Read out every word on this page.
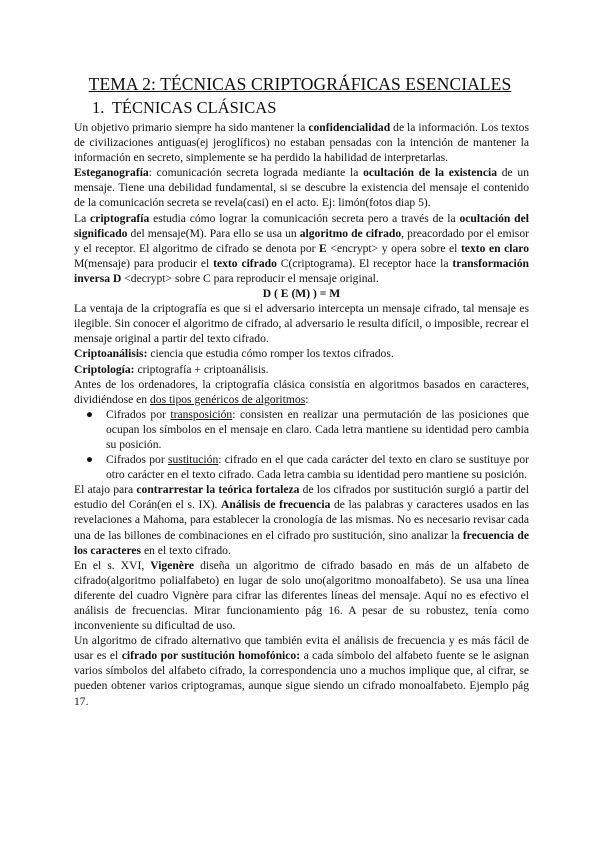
TEMA 2: TÉCNICAS CRIPTOGRÁFICAS ESENCIALES
1. TÉCNICAS CLÁSICAS

Un objetivo primario siempre ha sido mantener la confidencialidad de la información. Los textos de civilizaciones antiguas(ej jeroglíficos) no estaban pensadas con la intención de mantener la información en secreto, simplemente se ha perdido la habilidad de interpretarlas.

Esteganografía: comunicación secreta lograda mediante la ocultación de la existencia de un mensaje. Tiene una debilidad fundamental, si se descubre la existencia del mensaje el contenido de la comunicación secreta se revela(casi) en el acto. Ej: limón(fotos diap 5).

La criptografía estudia cómo lograr la comunicación secreta pero a través de la ocultación del significado del mensaje(M). Para ello se usa un algoritmo de cifrado, preacordado por el emisor y el receptor. El algoritmo de cifrado se denota por E <encrypt> y opera sobre el texto en claro M(mensaje) para producir el texto cifrado C(criptograma). El receptor hace la transformación inversa D <decrypt> sobre C para reproducir el mensaje original.

D ( E (M) ) = M

La ventaja de la criptografía es que si el adversario intercepta un mensaje cifrado, tal mensaje es ilegible. Sin conocer el algoritmo de cifrado, al adversario le resulta difícil, o imposible, recrear el mensaje original a partir del texto cifrado.

Criptoanálisis: ciencia que estudia cómo romper los textos cifrados.

Criptología: criptografía + criptoanálisis.

Antes de los ordenadores, la criptografía clásica consistía en algoritmos basados en caracteres, dividiéndose en dos tipos genéricos de algoritmos:

● Cifrados por transposición: consisten en realizar una permutación de las posiciones que ocupan los símbolos en el mensaje en claro. Cada letra mantiene su identidad pero cambia su posición.
● Cifrados por sustitución: cifrado en el que cada carácter del texto en claro se sustituye por otro carácter en el texto cifrado. Cada letra cambia su identidad pero mantiene su posición.

El atajo para contrarrestar la teórica fortaleza de los cifrados por sustitución surgió a partir del estudio del Corán(en el s. IX). Análisis de frecuencia de las palabras y caracteres usados en las revelaciones a Mahoma, para establecer la cronología de las mismas. No es necesario revisar cada una de las billones de combinaciones en el cifrado pro sustitución, sino analizar la frecuencia de los caracteres en el texto cifrado.

En el s. XVI, Vigenère diseña un algoritmo de cifrado basado en más de un alfabeto de cifrado(algoritmo polialfabeto) en lugar de solo uno(algoritmo monoalfabeto). Se usa una línea diferente del cuadro Vignère para cifrar las diferentes líneas del mensaje. Aquí no es efectivo el análisis de frecuencias. Mirar funcionamiento pág 16. A pesar de su robustez, tenía como inconveniente su dificultad de uso.

Un algoritmo de cifrado alternativo que también evita el análisis de frecuencia y es más fácil de usar es el cifrado por sustitución homofónico: a cada símbolo del alfabeto fuente se le asignan varios símbolos del alfabeto cifrado, la correspondencia uno a muchos implique que, al cifrar, se pueden obtener varios criptogramas, aunque sigue siendo un cifrado monoalfabeto. Ejemplo pág 17.
